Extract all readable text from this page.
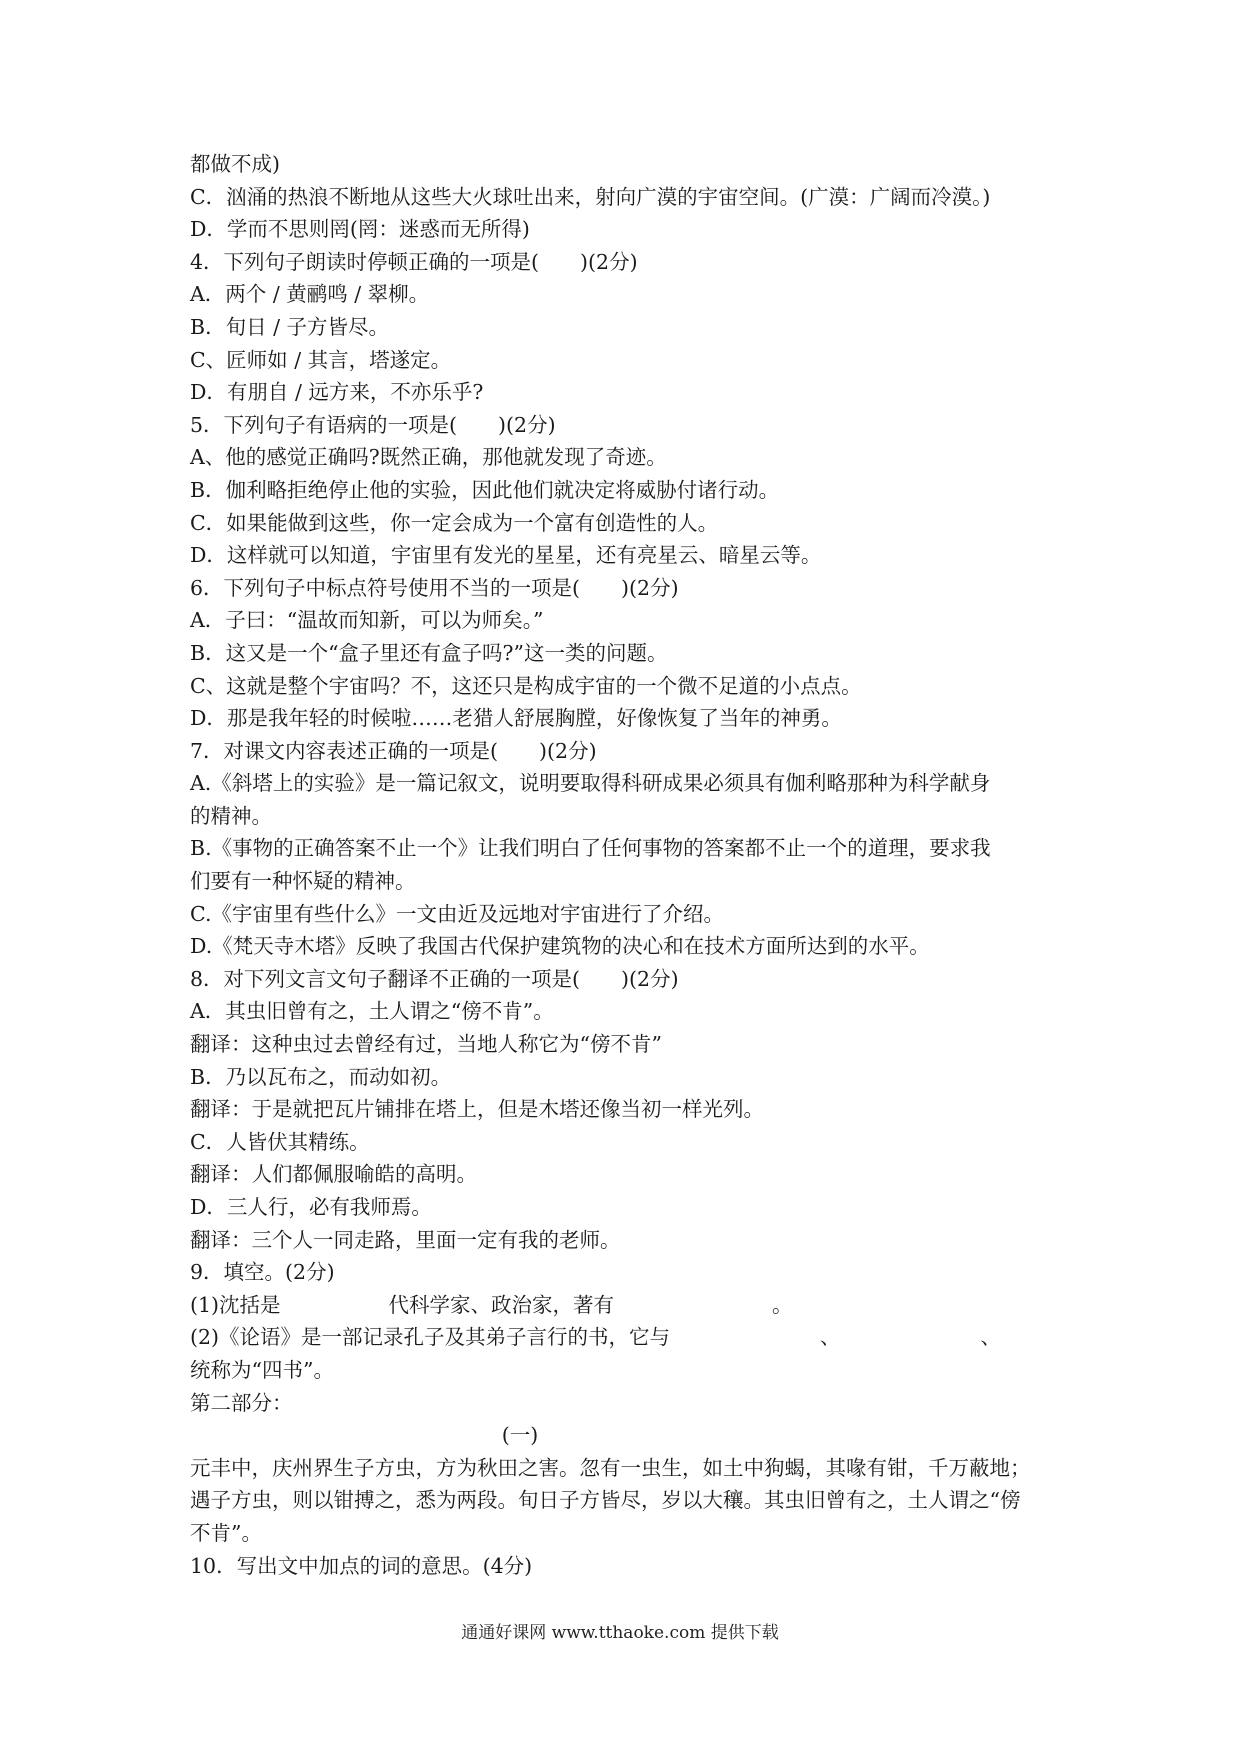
都做不成)
C．汹涌的热浪不断地从这些大火球吐出来，射向广漠的宇宙空间。(广漠：广阔而冷漠。)
D．学而不思则罔(罔：迷惑而无所得)
4．下列句子朗读时停顿正确的一项是(　　)(2分)
A．两个 / 黄鹂鸣 / 翠柳。
B．旬日 / 子方皆尽。
C、匠师如 / 其言，塔遂定。
D．有朋自 / 远方来，不亦乐乎?
5．下列句子有语病的一项是(　　)(2分)
A、他的感觉正确吗?既然正确，那他就发现了奇迹。
B．伽利略拒绝停止他的实验，因此他们就决定将威胁付诸行动。
C．如果能做到这些，你一定会成为一个富有创造性的人。
D．这样就可以知道，宇宙里有发光的星星，还有亮星云、暗星云等。
6．下列句子中标点符号使用不当的一项是(　　)(2分)
A．子曰：“温故而知新，可以为师矣。”
B．这又是一个“盒子里还有盒子吗?”这一类的问题。
C、这就是整个宇宙吗？不，这还只是构成宇宙的一个微不足道的小点点。
D．那是我年轻的时候啦……老猎人舒展胸膛，好像恢复了当年的神勇。
7．对课文内容表述正确的一项是(　　)(2分)
A.《斜塔上的实验》是一篇记叙文，说明要取得科研成果必须具有伽利略那种为科学献身
的精神。
B.《事物的正确答案不止一个》让我们明白了任何事物的答案都不止一个的道理，要求我
们要有一种怀疑的精神。
C.《宇宙里有些什么》一文由近及远地对宇宙进行了介绍。
D.《梵天寺木塔》反映了我国古代保护建筑物的决心和在技术方面所达到的水平。
8．对下列文言文句子翻译不正确的一项是(　　)(2分)
A．其虫旧曾有之，土人谓之“傍不肯”。
翻译：这种虫过去曾经有过，当地人称它为“傍不肯”
B．乃以瓦布之，而动如初。
翻译：于是就把瓦片铺排在塔上，但是木塔还像当初一样光列。
C．人皆伏其精练。
翻译：人们都佩服喻皓的高明。
D．三人行，必有我师焉。
翻译：三个人一同走路，里面一定有我的老师。
9．填空。(2分)
(1)沈括是	代科学家、政治家，著有	。
(2)《论语》是一部记录孔子及其弟子言行的书，它与	、	、
统称为“四书”。
第二部分：
(一)
元丰中，庆州界生子方虫，方为秋田之害。忽有一虫生，如土中狗蝎，其喙有钳，千万蔽地；
遇子方虫，则以钳搏之，悉为两段。旬日子方皆尽，岁以大穰。其虫旧曾有之，土人谓之“傍
不肯”。
10．写出文中加点的词的意思。(4分)
通通好课网 www.tthaoke.com 提供下载
